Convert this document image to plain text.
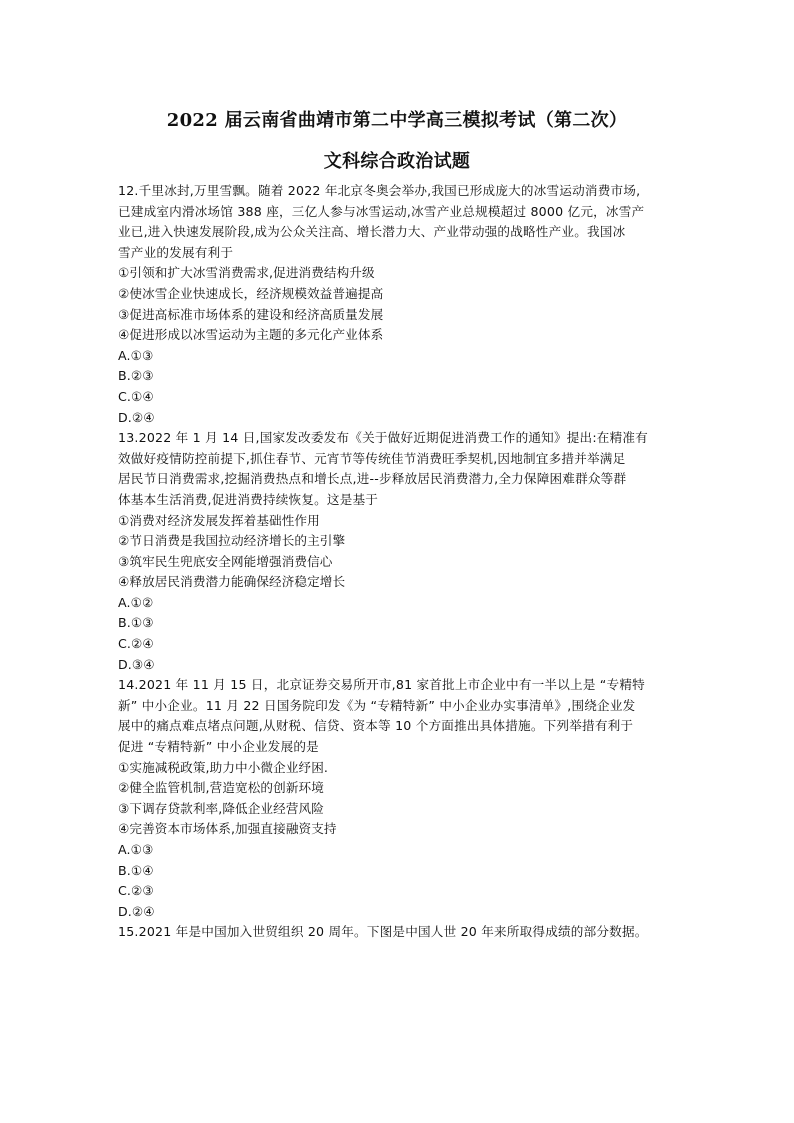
2022 届云南省曲靖市第二中学高三模拟考试（第二次）
文科综合政治试题
12.千里冰封,万里雪飘。随着 2022 年北京冬奥会举办,我国已形成庞大的冰雪运动消费市场,
已建成室内滑冰场馆 388 座，三亿人参与冰雪运动,冰雪产业总规模超过 8000 亿元，冰雪产
业已,进入快速发展阶段,成为公众关注高、增长潜力大、产业带动强的战略性产业。我国冰
雪产业的发展有利于
①引领和扩大冰雪消费需求,促进消费结构升级
②使冰雪企业快速成长，经济规模效益普遍提高
③促进高标准市场体系的建设和经济高质量发展
④促进形成以冰雪运动为主题的多元化产业体系
A.①③
B.②③
C.①④
D.②④
13.2022 年 1 月 14 日,国家发改委发布《关于做好近期促进消费工作的通知》提出:在精准有
效做好疫情防控前提下,抓住春节、元宵节等传统佳节消费旺季契机,因地制宜多措并举满足
居民节日消费需求,挖掘消费热点和增长点,进--步释放居民消费潜力,全力保障困难群众等群
体基本生活消费,促进消费持续恢复。这是基于
①消费对经济发展发挥着基础性作用
②节日消费是我国拉动经济增长的主引擎
③筑牢民生兜底安全网能增强消费信心
④释放居民消费潜力能确保经济稳定增长
A.①②
B.①③
C.②④
D.③④
14.2021 年 11 月 15 日，北京证券交易所开市,81 家首批上市企业中有一半以上是 “专精特
新” 中小企业。11 月 22 日国务院印发《为 “专精特新” 中小企业办实事清单》,围绕企业发
展中的痛点难点堵点问题,从财税、信贷、资本等 10 个方面推出具体措施。下列举措有利于
促进 “专精特新” 中小企业发展的是
①实施减税政策,助力中小微企业纾困.
②健全监管机制,营造宽松的创新环境
③下调存贷款利率,降低企业经营风险
④完善资本市场体系,加强直接融资支持
A.①③
B.①④
C.②③
D.②④
15.2021 年是中国加入世贸组织 20 周年。下图是中国人世 20 年来所取得成绩的部分数据。
